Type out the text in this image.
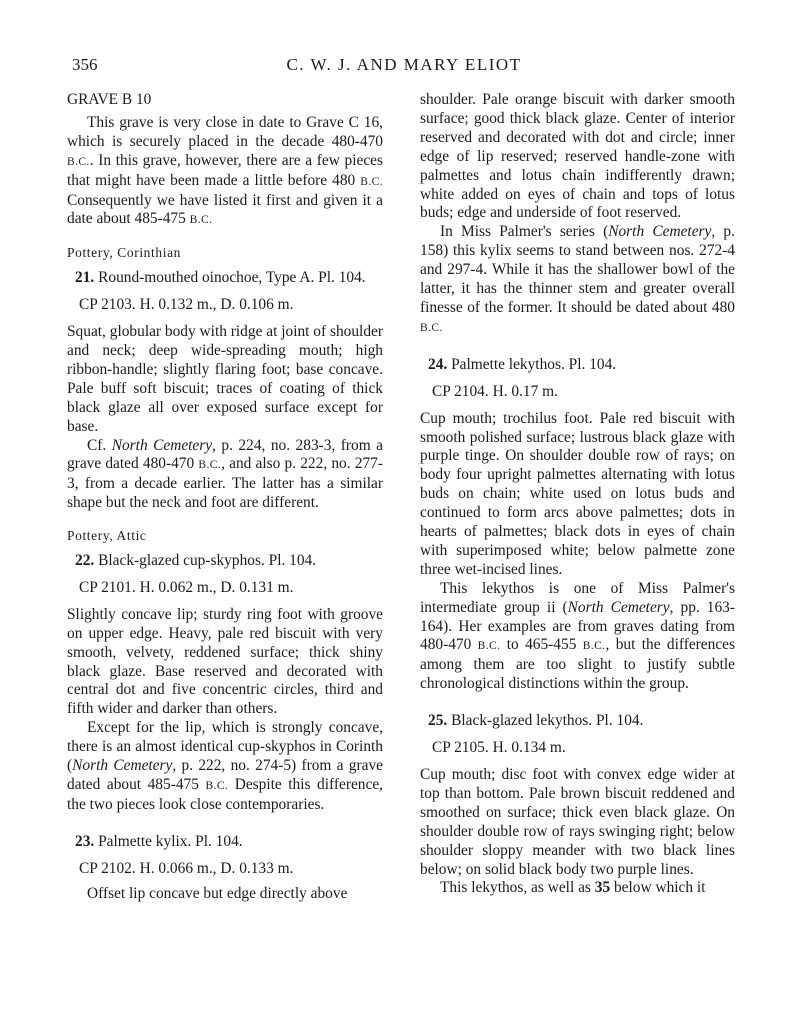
356	C. W. J. AND MARY ELIOT

GRAVE B 10

This grave is very close in date to Grave C 16, which is securely placed in the decade 480-470 B.C.. In this grave, however, there are a few pieces that might have been made a little before 480 B.C. Consequently we have listed it first and given it a date about 485-475 B.C.

Pottery, Corinthian

21. Round-mouthed oinochoe, Type A. Pl. 104.

CP 2103. H. 0.132 m., D. 0.106 m.

Squat, globular body with ridge at joint of shoulder and neck; deep wide-spreading mouth; high ribbon-handle; slightly flaring foot; base concave. Pale buff soft biscuit; traces of coating of thick black glaze all over exposed surface except for base.

Cf. North Cemetery, p. 224, no. 283-3, from a grave dated 480-470 B.C., and also p. 222, no. 277-3, from a decade earlier. The latter has a similar shape but the neck and foot are different.

Pottery, Attic

22. Black-glazed cup-skyphos. Pl. 104.

CP 2101. H. 0.062 m., D. 0.131 m.

Slightly concave lip; sturdy ring foot with groove on upper edge. Heavy, pale red biscuit with very smooth, velvety, reddened surface; thick shiny black glaze. Base reserved and decorated with central dot and five concentric circles, third and fifth wider and darker than others.

Except for the lip, which is strongly concave, there is an almost identical cup-skyphos in Corinth (North Cemetery, p. 222, no. 274-5) from a grave dated about 485-475 B.C. Despite this difference, the two pieces look close contemporaries.

23. Palmette kylix. Pl. 104.

CP 2102. H. 0.066 m., D. 0.133 m.

Offset lip concave but edge directly above

shoulder. Pale orange biscuit with darker smooth surface; good thick black glaze. Center of interior reserved and decorated with dot and circle; inner edge of lip reserved; reserved handle-zone with palmettes and lotus chain indifferently drawn; white added on eyes of chain and tops of lotus buds; edge and underside of foot reserved.

In Miss Palmer's series (North Cemetery, p. 158) this kylix seems to stand between nos. 272-4 and 297-4. While it has the shallower bowl of the latter, it has the thinner stem and greater overall finesse of the former. It should be dated about 480 B.C.

24. Palmette lekythos. Pl. 104.

CP 2104. H. 0.17 m.

Cup mouth; trochilus foot. Pale red biscuit with smooth polished surface; lustrous black glaze with purple tinge. On shoulder double row of rays; on body four upright palmettes alternating with lotus buds on chain; white used on lotus buds and continued to form arcs above palmettes; dots in hearts of palmettes; black dots in eyes of chain with superimposed white; below palmette zone three wet-incised lines.

This lekythos is one of Miss Palmer's intermediate group ii (North Cemetery, pp. 163-164). Her examples are from graves dating from 480-470 B.C. to 465-455 B.C., but the differences among them are too slight to justify subtle chronological distinctions within the group.

25. Black-glazed lekythos. Pl. 104.

CP 2105. H. 0.134 m.

Cup mouth; disc foot with convex edge wider at top than bottom. Pale brown biscuit reddened and smoothed on surface; thick even black glaze. On shoulder double row of rays swinging right; below shoulder sloppy meander with two black lines below; on solid black body two purple lines.

This lekythos, as well as 35 below which it
